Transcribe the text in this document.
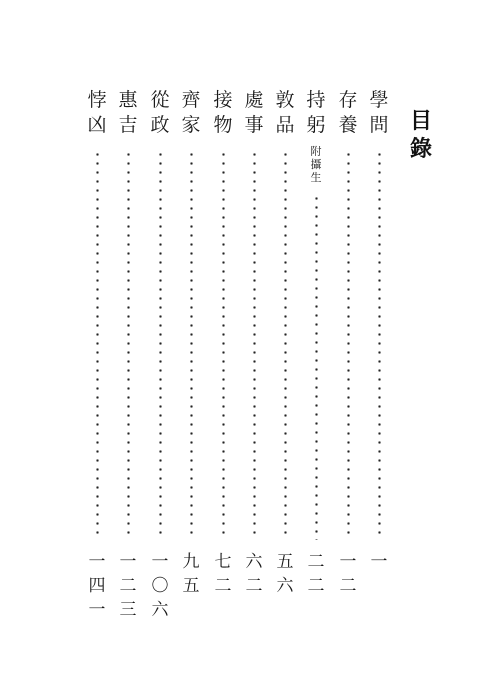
目
錄
學
問
一
存
養
一
二
持
躬
附
攝
生
二
二
敦
品
五
六
處
事
六
二
接
物
七
二
齊
家
九
五
從
政
一
〇
六
惠
吉
一
二
三
悖
凶
一
四
一
